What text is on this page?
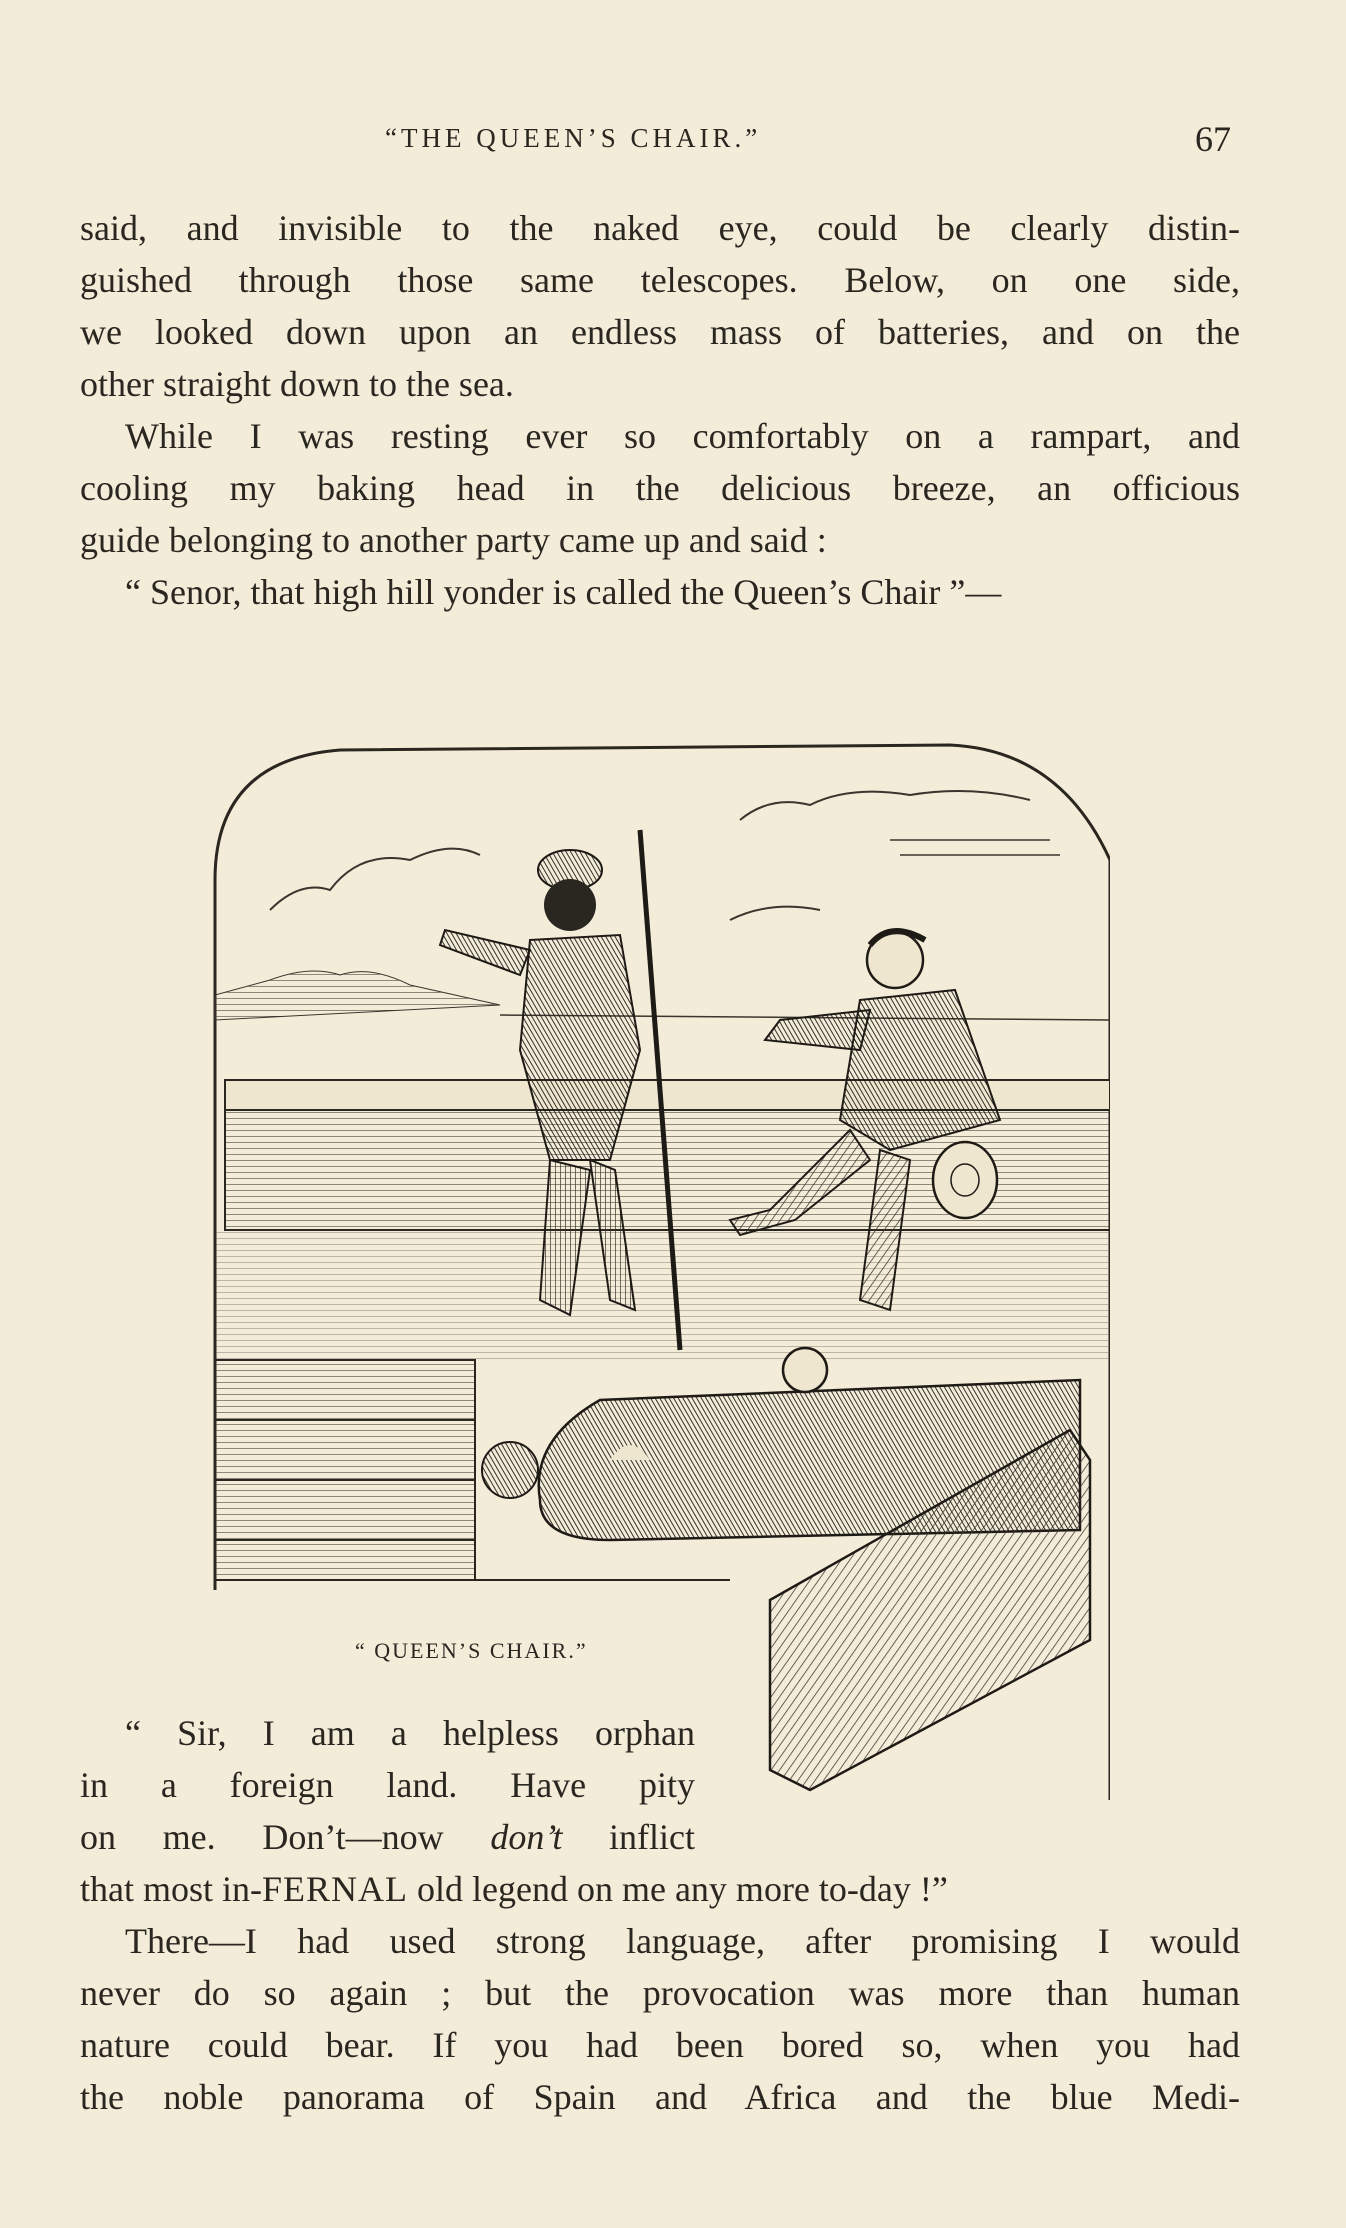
“THE QUEEN’S CHAIR.”	67

said, and invisible to the naked eye, could be clearly distin-
guished through those same telescopes. Below, on one side,
we looked down upon an endless mass of batteries, and on the
other straight down to the sea.

While I was resting ever so comfortably on a rampart, and
cooling my baking head in the delicious breeze, an officious
guide belonging to another party came up and said :

“ Senor, that high hill yonder is called the Queen’s Chair ”—

“ QUEEN’S CHAIR.”

“ Sir, I am a helpless orphan
in a foreign land. Have pity
on me. Don’t—now don’t inflict

that most in-FERNAL old legend on me any more to-day !”

There—I had used strong language, after promising I would
never do so again ; but the provocation was more than human
nature could bear. If you had been bored so, when you had
the noble panorama of Spain and Africa and the blue Medi-
